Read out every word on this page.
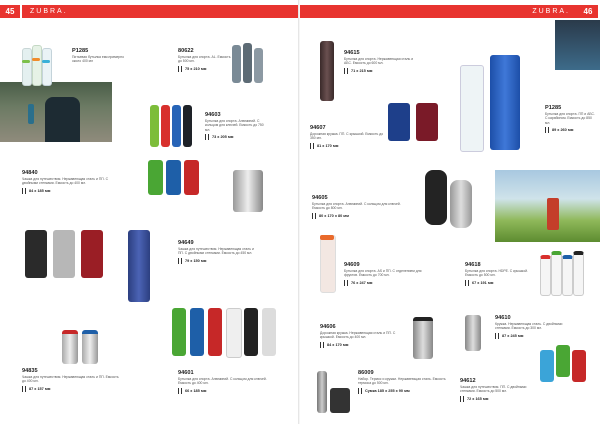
45	ZUBRA.
P1285
Питьевая бутылка емк.примерно около 400 мл
80622
Бутылка для спорта. AL. Емкость до 500 мл.
75 x 210 мм
94603
Бутылка для спорта. Алюминий. С кольцом для ключей. Емкость до 750 мл.
73 x 205 мм
94840
Чашка для путешествия. Нержавеющая сталь и ПП. С двойными стенками. Емкость до 400 мл.
84 x 185 мм
94649
Чашка для путешествия. Нержавеющая сталь и ПП. С двойными стенками. Емкость до 450 мл.
79 x 150 мм
94835
Чашка для путешествия. Нержавеющая сталь и ПП. Емкость до 400 мл.
87 x 157 мм
94601
Бутылка для спорта. Алюминий. С кольцом для ключей. Емкость до 400 мл.
66 x 185 мм
ZUBRA.	46
94615
Бутылка для спорта. Нержавеющая сталь и АБС. Емкость до 600 мл.
71 x 215 мм
94607
Дорожная кружка. ПП. С крышкой. Емкость до 350 мл.
81 x 170 мм
P1285
Бутылка для спорта. ПП и АБС. С карабином. Емкость до 850 мл.
89 x 260 мм
94605
Бутылка для спорта. Алюминий. С кольцом для ключей. Емкость до 800 мл.
80 x 170 x 80 мм
94609
Бутылка для спорта. AS и ПП. С отделением для фруктов. Емкость до 700 мл.
76 x 247 мм
94618
Бутылка для спорта. HDPE. С крышкой. Емкость до 500 мл.
67 x 191 мм
94606
Дорожная кружка. Нержавеющая сталь и ПП. С крышкой. Емкость до 400 мл.
84 x 170 мм
94610
Кружка. Нержавеющая сталь. С двойными стенками. Емкость до 300 мл.
87 x 245 мм
86009
Набор. Термос и кружки. Нержавеющая сталь. Емкость термоса до 500 мл.
Сумка 185 x 255 x 90 мм
94612
Чашка для путешествия. ПП. С двойными стенками. Емкость до 500 мл.
72 x 165 мм
